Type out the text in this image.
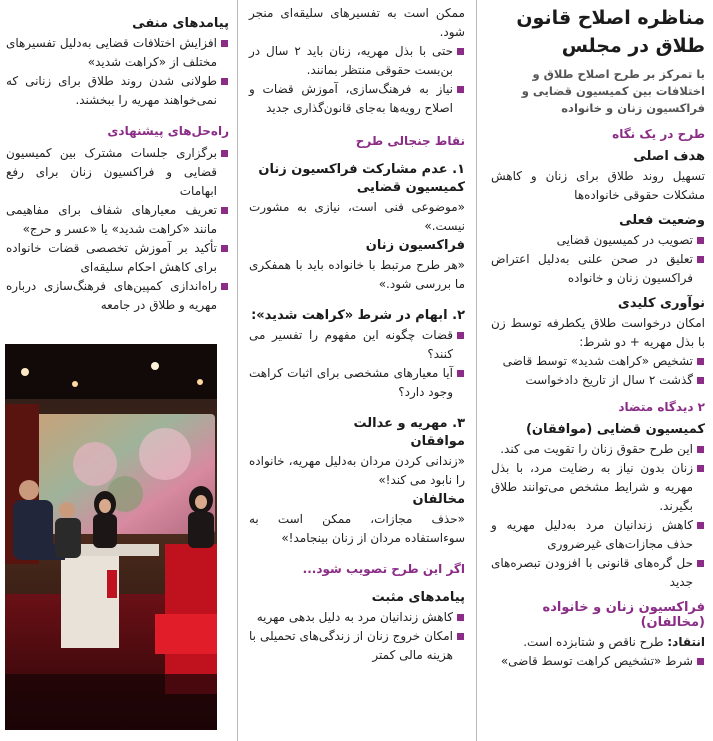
مناظره اصلاح قانون طلاق در مجلس

با تمرکز بر طرح اصلاح طلاق و اختلافات بین کمیسیون قضایی و فراکسیون زنان و خانواده

طرح در یک نگاه
هدف اصلی

تسهیل روند طلاق برای زنان و کاهش مشکلات حقوقی خانواده‌ها

وضعیت فعلی
تصویب در کمیسیون قضایی
تعلیق در صحن علنی به‌دلیل اعتراض فراکسیون زنان و خانواده
نوآوری کلیدی

امکان درخواست طلاق یکطرفه توسط زن با بذل مهریه + دو شرط:

تشخیص «کراهت شدید» توسط قاضی
گذشت ۲ سال از تاریخ دادخواست
۲ دیدگاه متضاد
کمیسیون قضایی (موافقان)
این طرح حقوق زنان را تقویت می کند.
زنان بدون نیاز به رضایت مرد، با بذل مهریه و شرایط مشخص می‌توانند طلاق بگیرند.
کاهش زندانیان مرد به‌دلیل مهریه و حذف مجازات‌های غیرضروری
حل گره‌های قانونی با افزودن تبصره‌های جدید
فراکسیون زنان و خانواده (مخالفان)

انتقاد: طرح ناقص و شتابزده است.

شرط «تشخیص کراهت توسط قاضی»

ممکن است به تفسیرهای سلیقه‌ای منجر شود.

حتی با بذل مهریه، زنان باید ۲ سال در بن‌بست حقوقی منتظر بمانند.
نیاز به فرهنگ‌سازی، آموزش قضات و اصلاح رویه‌ها به‌جای قانون‌گذاری جدید
نقاط جنجالی طرح
۱. عدم مشارکت فراکسیون زنان
کمیسیون قضایی

«موضوعی فنی است، نیازی به مشورت نیست.»

فراکسیون زنان

«هر طرح مرتبط با خانواده باید با همفکری ما بررسی شود.»

۲. ابهام در شرط «کراهت شدید»:
قضات چگونه این مفهوم را تفسیر می کنند؟
آیا معیارهای مشخصی برای اثبات کراهت وجود دارد؟
۳. مهریه و عدالت
موافقان

«زندانی کردن مردان به‌دلیل مهریه، خانواده را نابود می کند!»

مخالفان

«حذف مجازات، ممکن است به سوءاستفاده مردان از زنان بینجامد!»

اگر این طرح تصویب شود...
پیامدهای مثبت
کاهش زندانیان مرد به دلیل بدهی مهریه
امکان خروج زنان از زندگی‌های تحمیلی با هزینه مالی کمتر
پیامدهای منفی
افزایش اختلافات قضایی به‌دلیل تفسیرهای مختلف از «کراهت شدید»
طولانی شدن روند طلاق برای زنانی که نمی‌خواهند مهریه را ببخشند.
راه‌حل‌های پیشنهادی
برگزاری جلسات مشترک بین کمیسیون قضایی و فراکسیون زنان برای رفع ابهامات
تعریف معیارهای شفاف برای مفاهیمی مانند «کراهت شدید» یا «عسر و حرج»
تأکید بر آموزش تخصصی قضات خانواده برای کاهش احکام سلیقه‌ای
راه‌اندازی کمپین‌های فرهنگ‌سازی درباره مهریه و طلاق در جامعه
